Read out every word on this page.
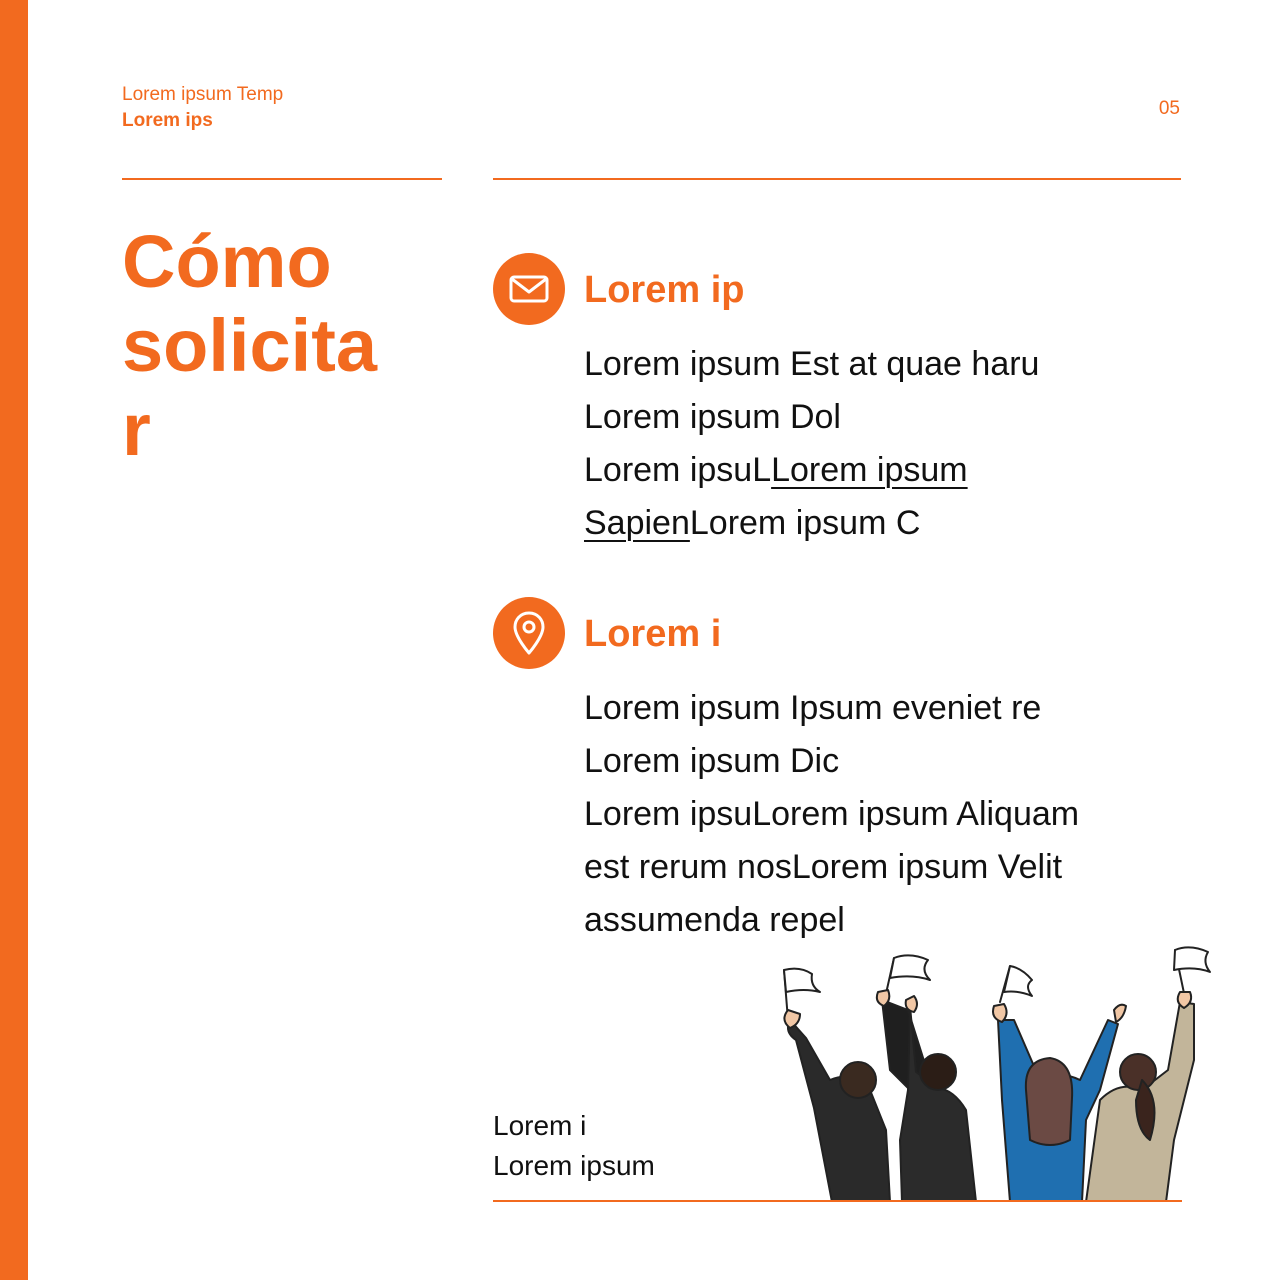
Lorem ipsum Temp
Lorem ips
05
Cómo solicitar
Lorem ip
Lorem ipsum Est at quae haru
Lorem ipsum Dol
Lorem ipsuLLorem ipsum
SapienLorem ipsum C
Lorem i
Lorem ipsum Ipsum eveniet re
Lorem ipsum Dic
Lorem ipsuLorem ipsum Aliquam
est rerum nosLorem ipsum Velit
assumenda repel
Lorem i
Lorem ipsum
